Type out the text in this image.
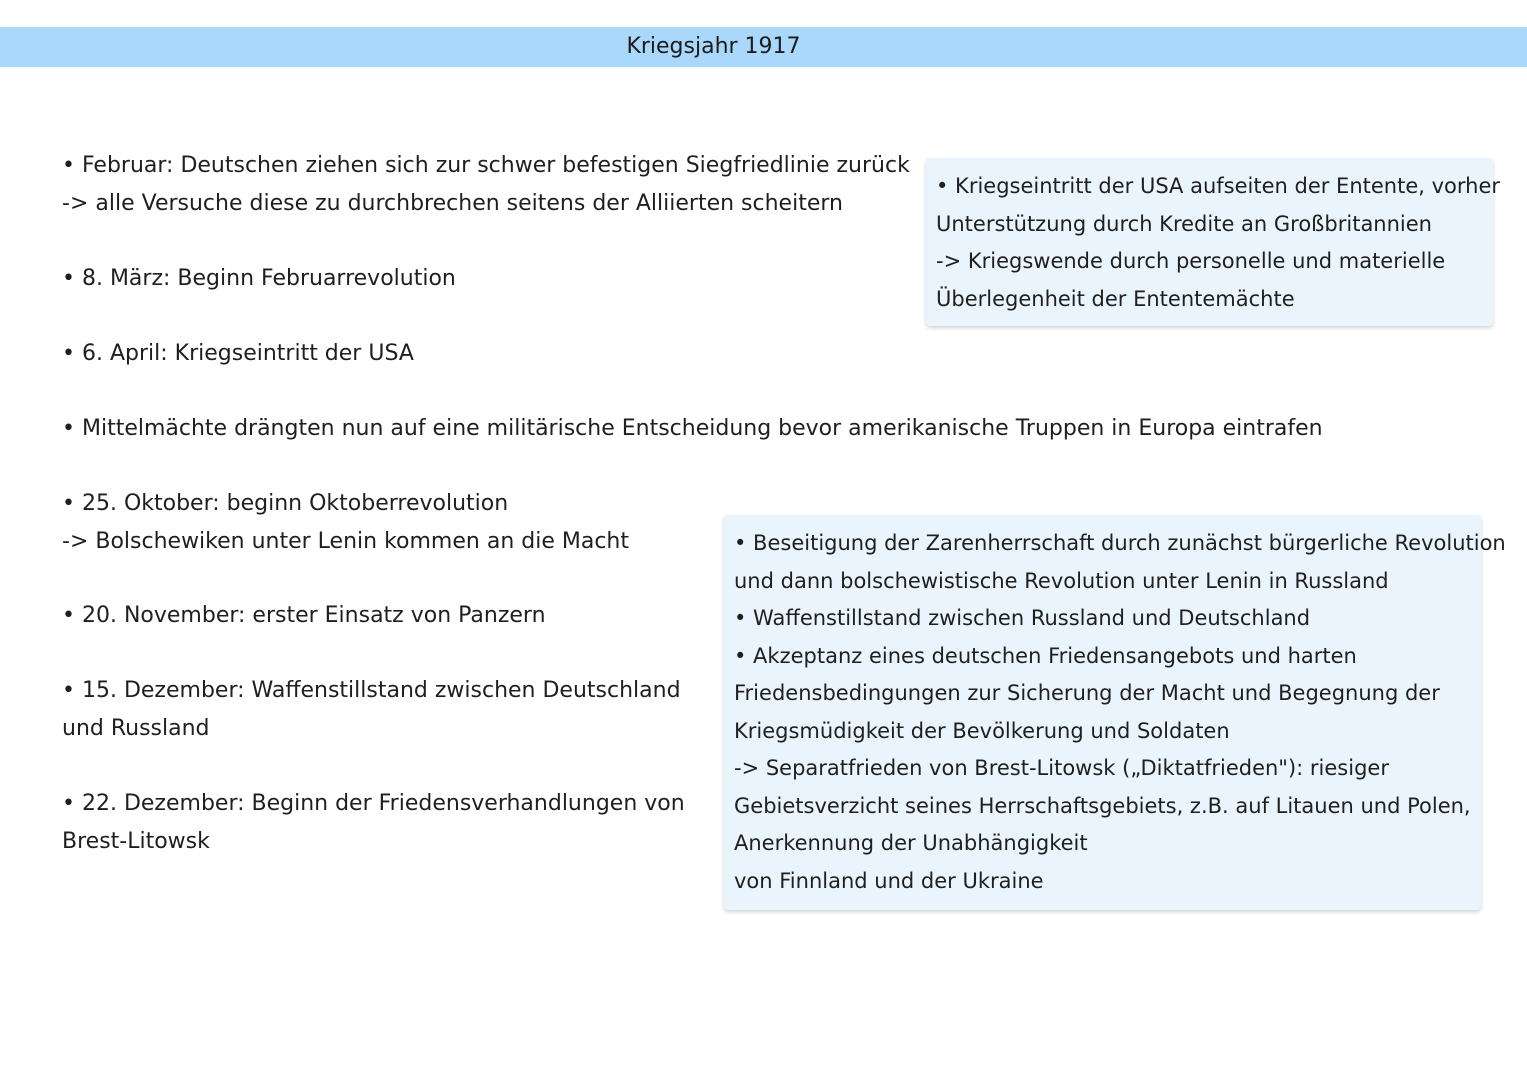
Kriegsjahr 1917
• Februar: Deutschen ziehen sich zur schwer befestigen Siegfriedlinie zurück
-> alle Versuche diese zu durchbrechen seitens der Alliierten scheitern
• 8. März: Beginn Februarrevolution
• 6. April: Kriegseintritt der USA
• Mittelmächte drängten nun auf eine militärische Entscheidung bevor amerikanische Truppen in Europa eintrafen
• 25. Oktober: beginn Oktoberrevolution
-> Bolschewiken unter Lenin kommen an die Macht
• 20. November: erster Einsatz von Panzern
• 15. Dezember: Waffenstillstand zwischen Deutschland
und Russland
• 22. Dezember: Beginn der Friedensverhandlungen von
Brest-Litowsk
• Kriegseintritt der USA aufseiten der Entente, vorher
Unterstützung durch Kredite an Großbritannien
-> Kriegswende durch personelle und materielle
Überlegenheit der Ententemächte
• Beseitigung der Zarenherrschaft durch zunächst bürgerliche Revolution
und dann bolschewistische Revolution unter Lenin in Russland
• Waffenstillstand zwischen Russland und Deutschland
• Akzeptanz eines deutschen Friedensangebots und harten
Friedensbedingungen zur Sicherung der Macht und Begegnung der
Kriegsmüdigkeit der Bevölkerung und Soldaten
-> Separatfrieden von Brest-Litowsk („Diktatfrieden"): riesiger
Gebietsverzicht seines Herrschaftsgebiets, z.B. auf Litauen und Polen,
Anerkennung der Unabhängigkeit
von Finnland und der Ukraine
